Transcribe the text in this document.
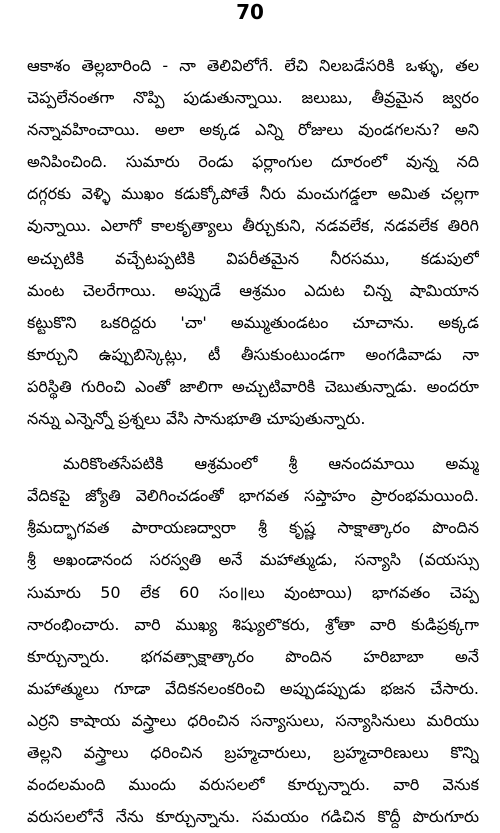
70
ఆకాశం తెల్లబారింది - నా తెలివిలోగే. లేచి నిలబడేసరికి ఒళ్ళు, తల
చెప్పలేనంతగా నొప్పి పుడుతున్నాయి. జలుబు, తీవ్రమైన జ్వరం
నన్నావహించాయి. అలా అక్కడ ఎన్ని రోజులు వుండగలను? అని
అనిపించింది. సుమారు రెండు ఫర్లాంగుల దూరంలో వున్న నది
దగ్గరకు వెళ్ళి ముఖం కడుక్కోపోతే నీరు మంచుగడ్డలా అమిత చల్లగా
వున్నాయి. ఎలాగో కాలకృత్యాలు తీర్చుకుని, నడవలేక, నడవలేక తిరిగి
అచ్చుటికి వచ్చేటప్పటికి విపరీతమైన నీరసము, కడుపులో
మంట చెలరేగాయి. అప్పుడే ఆశ్రమం ఎదుట చిన్న షామియాన
కట్టుకొని ఒకరిద్దరు 'చా' అమ్ముతుండటం చూచాను. అక్కడ
కూర్చుని ఉప్పుబిస్కెట్లు, టీ తీసుకుంటుండగా అంగడివాడు నా
పరిస్థితి గురించి ఎంతో జాలిగా అచ్చుటివారికి చెబుతున్నాడు. అందరూ
నన్ను ఎన్నెన్నో ప్రశ్నలు వేసి సానుభూతి చూపుతున్నారు.
మరికొంతసేపటికి ఆశ్రమంలో శ్రీ ఆనందమాయి అమ్మ
వేదికపై జ్యోతి వెలిగించడంతో భాగవత సప్తాహం ప్రారంభమయింది.
శ్రీమద్భాగవత పారాయణద్వారా శ్రీ కృష్ణ సాక్షాత్కారం పొందిన
శ్రీ అఖండానంద సరస్వతి అనే మహాత్ముడు, సన్యాసి (వయస్సు
సుమారు 50 లేక 60 సం॥లు వుంటాయి) భాగవతం చెప్ప
నారంభించారు. వారి ముఖ్య శిష్యులొకరు, శ్రోతా వారి కుడిప్రక్కగా
కూర్చున్నారు. భగవత్సాక్షాత్కారం పొందిన హరిబాబా అనే
మహాత్ములు గూడా వేదికనలంకరించి అప్పుడప్పుడు భజన చేసారు.
ఎర్రని కాషాయ వస్త్రాలు ధరించిన సన్యాసులు, సన్యాసినులు మరియు
తెల్లని వస్త్రాలు ధరించిన బ్రహ్మచారులు, బ్రహ్మచారిణులు కొన్ని
వందలమంది ముందు వరుసలలో కూర్చున్నారు. వారి వెనుక
వరుసలలోనే నేను కూర్చున్నాను. సమయం గడిచిన కొద్దీ పొరుగూరు
